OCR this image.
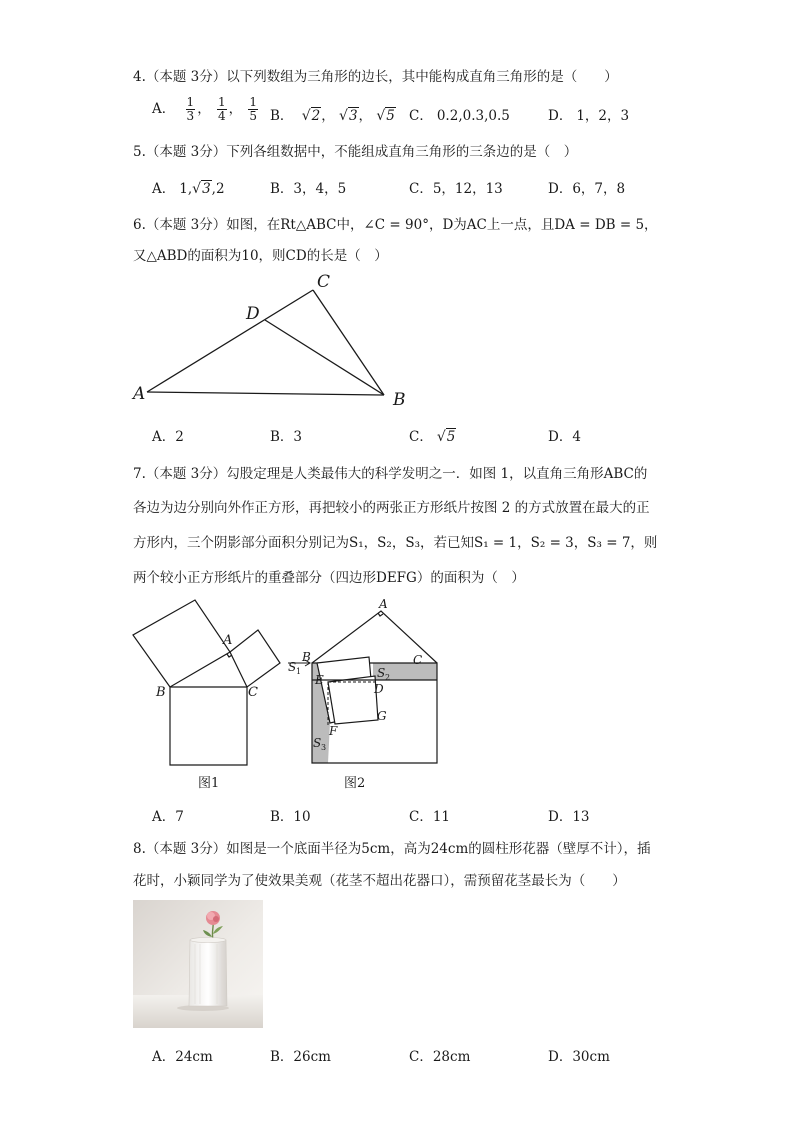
4.（本题 3分）以下列数组为三角形的边长，其中能构成直角三角形的是（　　）
A． $\frac{1}{3}$ ， $\frac{1}{4}$ ， $\frac{1}{5}$ B． √2， √3， √5 C． 0.2,0.3,0.5	D． 1，2，3
5.（本题 3分）下列各组数据中，不能组成直角三角形的三条边的是（　）
A． 1,√3,2	B．3，4，5	C．5，12，13	D．6，7，8
6.（本题 3分）如图，在Rt△ABC中，∠C = 90°，D为AC上一点，且DA = DB = 5，
又△ABD的面积为10，则CD的长是（　）
A	B
C
D
A．2	B．3	C． √5	D．4
7.（本题 3分）勾股定理是人类最伟大的科学发明之一．如图 1，以直角三角形ABC的
各边为边分别向外作正方形，再把较小的两张正方形纸片按图 2 的方式放置在最大的正
方形内，三个阴影部分面积分别记为S₁，S₂，S₃，若已知S₁ = 1，S₂ = 3，S₃ = 7，则
两个较小正方形纸片的重叠部分（四边形DEFG）的面积为（　）
A
B	C
图1
A
B	C
D
E
F
G
S	S
S
1
2
3
图2
A．7	B．10	C．11	D．13
8.（本题 3分）如图是一个底面半径为5cm，高为24cm的圆柱形花器（壁厚不计），插
花时，小颖同学为了使效果美观（花茎不超出花器口），需预留花茎最长为（　　）
A．24cm	B．26cm	C．28cm	D．30cm
